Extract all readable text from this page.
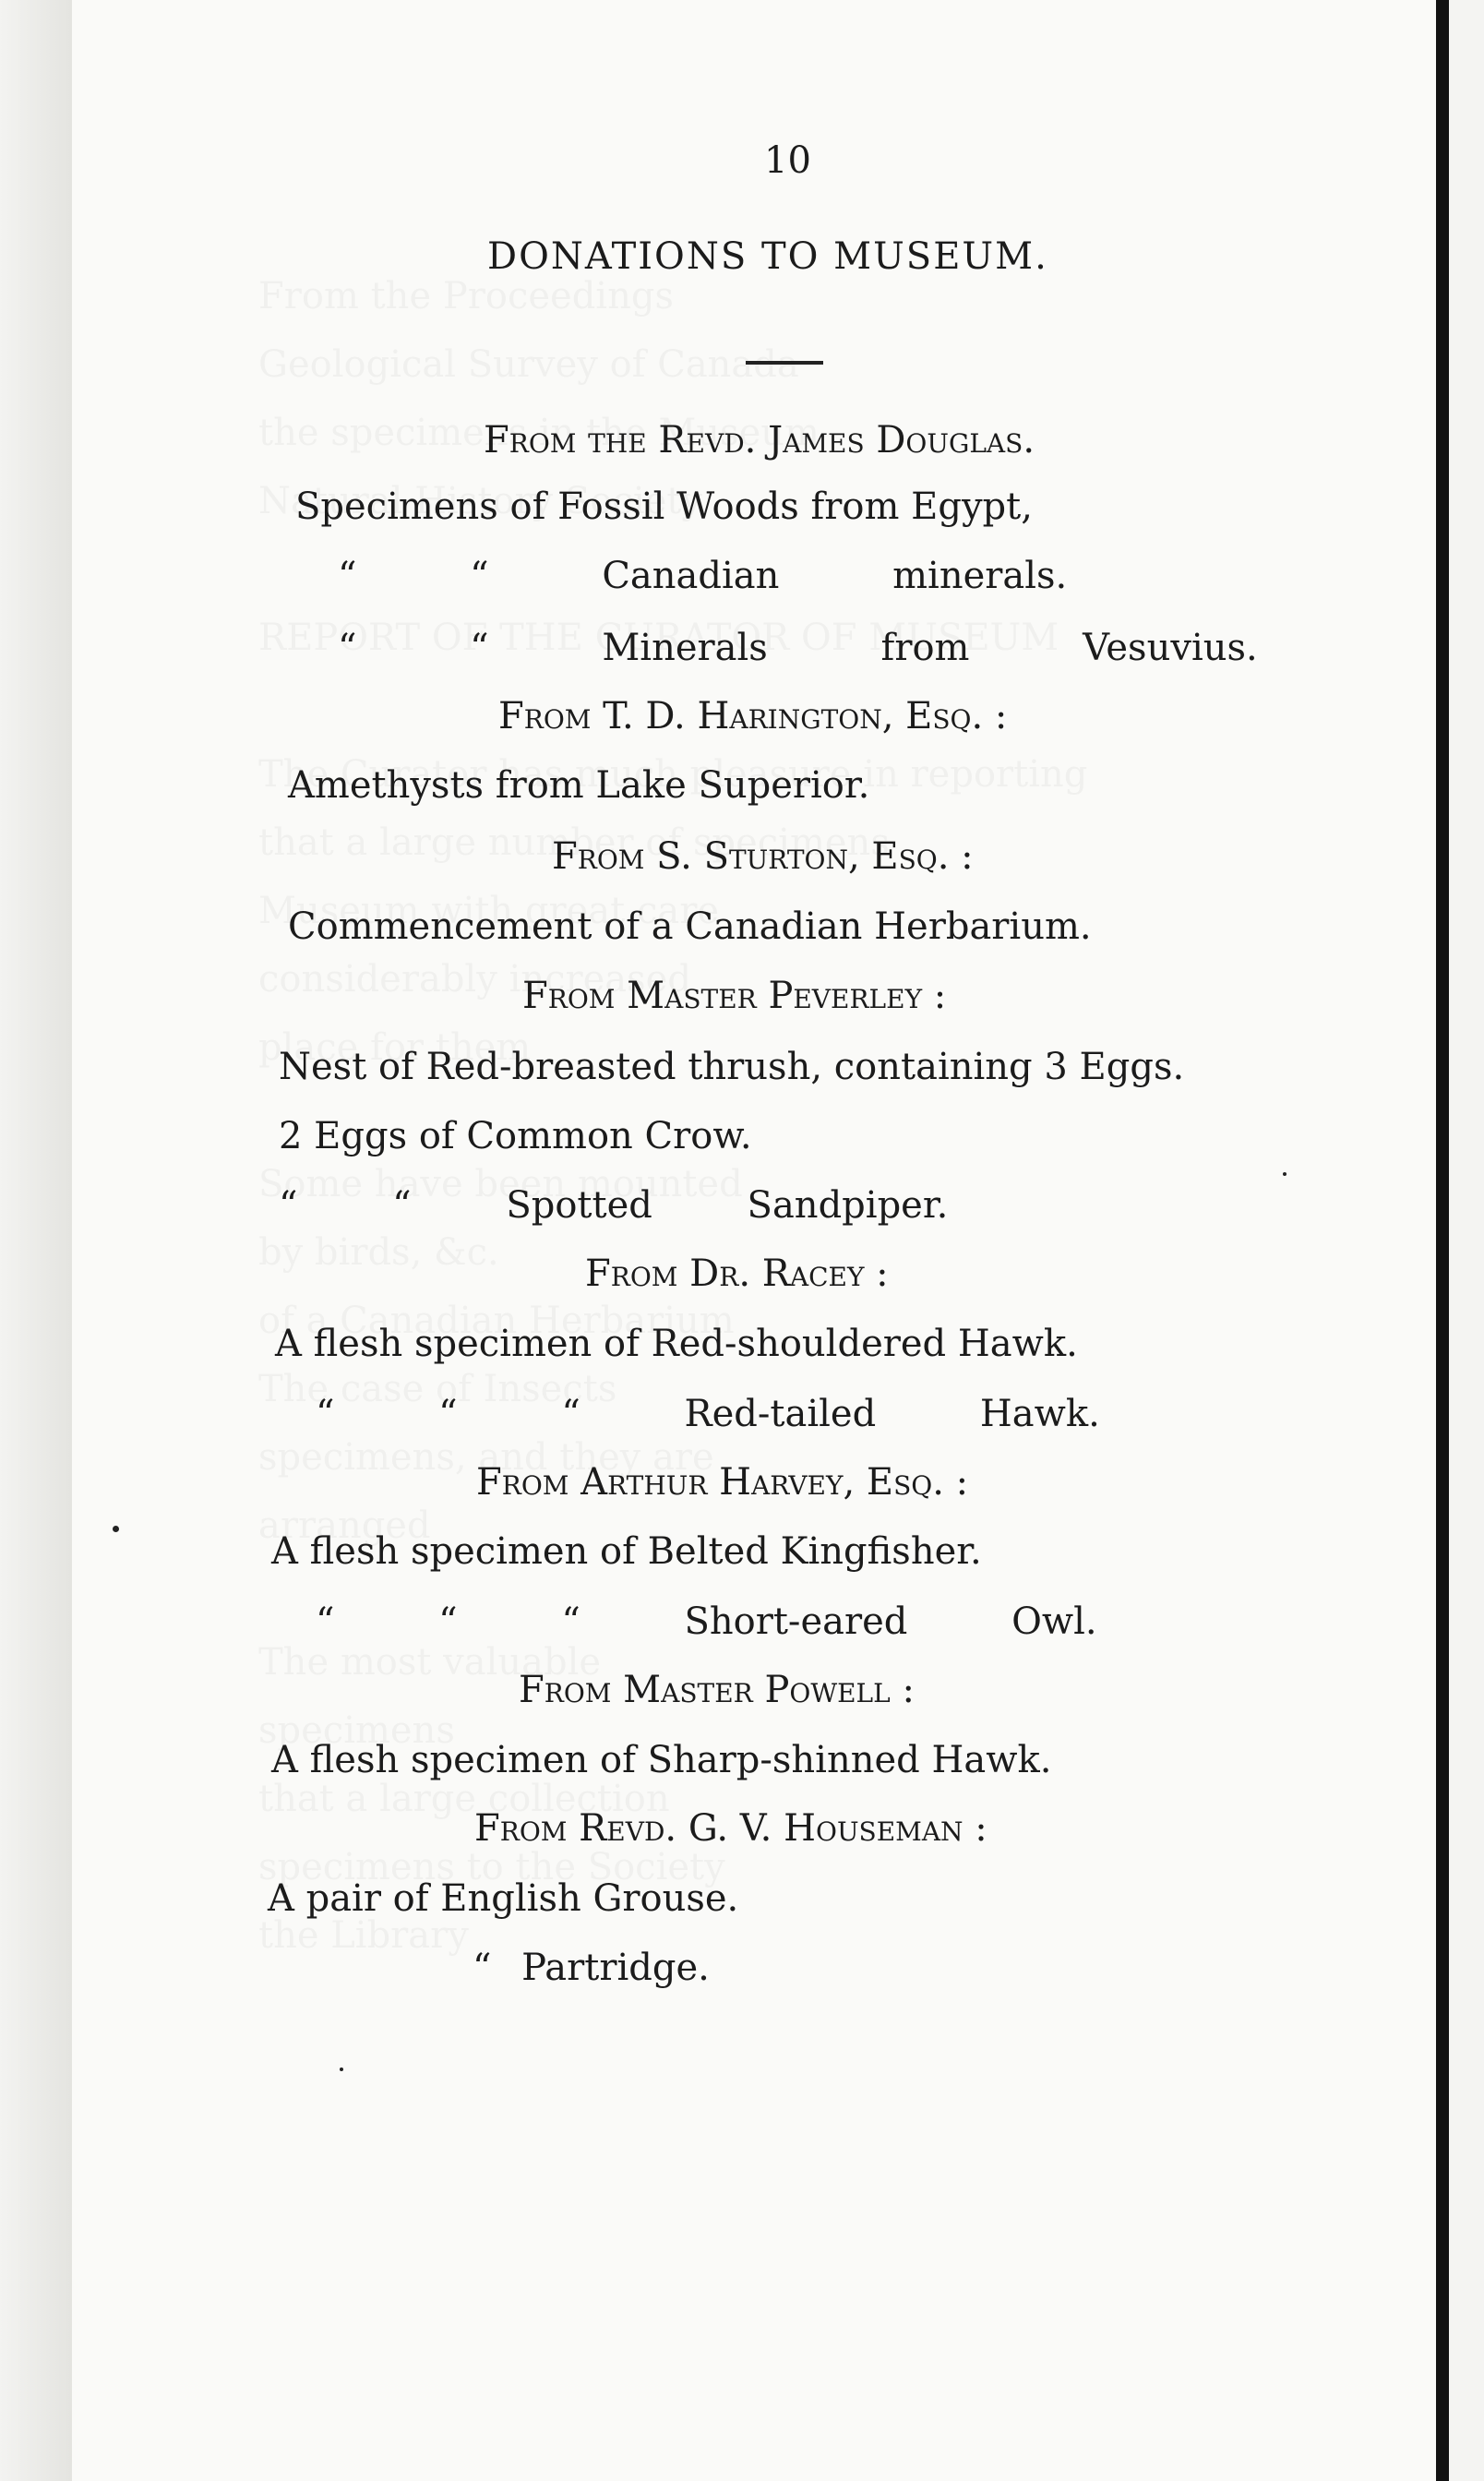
10
DONATIONS TO MUSEUM.
From the Revd. James Douglas.
Specimens of Fossil Woods from Egypt,
“ “ Canadian minerals.
“ “ Minerals from Vesuvius.
From T. D. Harington, Esq. :
Amethysts from Lake Superior.
From S. Sturton, Esq. :
Commencement of a Canadian Herbarium.
From Master Peverley :
Nest of Red-breasted thrush, containing 3 Eggs.
2 Eggs of Common Crow.
“ “ Spotted Sandpiper.
From Dr. Racey :
A flesh specimen of Red-shouldered Hawk.
“ “ “ Red-tailed Hawk.
From Arthur Harvey, Esq. :
A flesh specimen of Belted Kingfisher.
“ “ “ Short-eared Owl.
From Master Powell :
A flesh specimen of Sharp-shinned Hawk.
From Revd. G. V. Houseman :
A pair of English Grouse.
“ Partridge.
